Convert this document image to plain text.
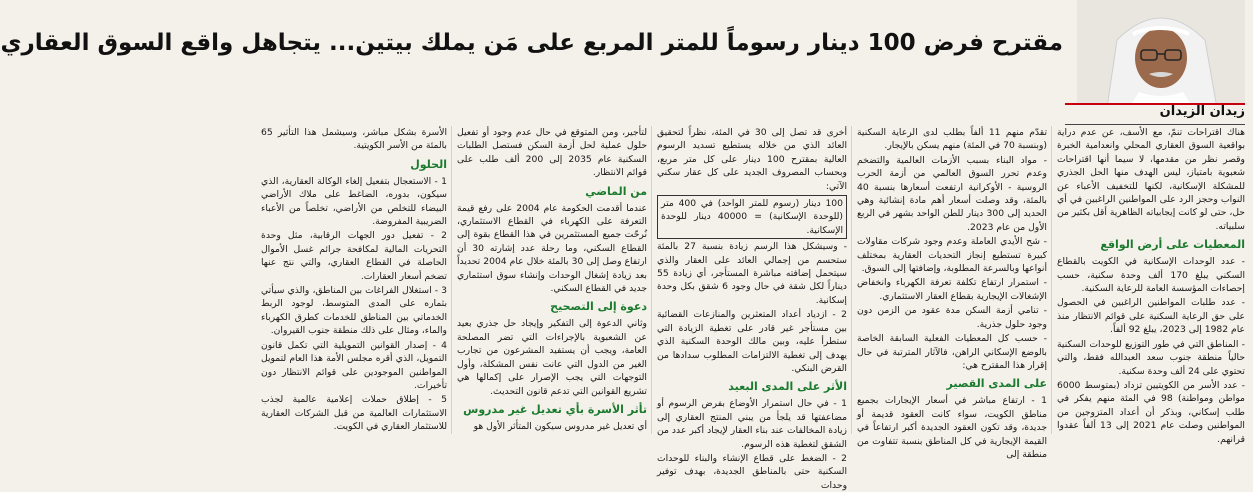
مقترح فرض 100 دينار رسوماً للمتر المربع على مَن يملك بيتين... يتجاهل واقع السوق العقاري
زيدان الزيدان

هناك اقتراحات تنمّ، مع الأسف، عن عدم دراية بواقعية السوق العقاري المحلي وانعدامية الخبرة وقصر نظر من مقدمها، لا سيما أنها اقتراحات شعبوية بامتياز، ليس الهدف منها الحل الجذري للمشكلة الإسكانية، لكنها للتخفيف الأعباء عن النواب وحجز الرد على المواطنين الراغبين في أي حل، حتى لو كانت إيجابياته الظاهرية أقل بكثير من سلبياته.

المعطيات على أرض الواقع

- عدد الوحدات الإسكانية في الكويت بالقطاع السكني يبلغ 170 ألف وحدة سكنية، حسب إحصاءات المؤسسة العامة للرعاية السكنية.

- عدد طلبات المواطنين الراغبين في الحصول على حق الرعاية السكنية على قوائم الانتظار منذ عام 1982 إلى 2023، يبلغ 92 ألفاً.

- المناطق التي في طور التوزيع للوحدات السكنية حالياً منطقة جنوب سعد العبدالله فقط، والتي تحتوي على 24 ألف وحدة سكنية.

- عدد الأسر من الكويتيين تزداد (بمتوسط 6000 مواطن ومواطنة) 98 في المئة منهم يفكر في طلب إسكاني، وبذكر أن أعداد المتزوجين من المواطنين وصلت عام 2021 إلى 13 ألفاً عقدوا قرانهم.

تقدّم منهم 11 ألفاً بطلب لدى الرعاية السكنية (وبنسبة 70 في المئة) منهم يسكن بالإيجار.

- مواد البناء بسبب الأزمات العالمية والتضخم وعدم تحرر السوق العالمي من أزمة الحرب الروسية - الأوكرانية ارتفعت أسعارها بنسبة 40 بالمئة، وقد وصلت أسعار أهم مادة إنشائية وهي الحديد إلى 300 دينار للطن الواحد بشهر في الربع الأول من عام 2023.

- شح الأيدي العاملة وعدم وجود شركات مقاولات كبيرة تستطيع إنجاز التحديات العقارية بمختلف أنواعها وبالسرعة المطلوبة، وإضافتها إلى السوق.

- استمرار ارتفاع تكلفة تعرفة الكهرباء وانخفاض الإشغالات الإيجارية بقطاع العقار الاستثماري.

- تنامي أزمة السكن مدة عقود من الزمن دون وجود حلول جذرية.

- حسب كل المعطيات الفعلية السابقة الخاصة بالوضع الإسكاني الراهن، فالآثار المترتبة في حال إقرار هذا المقترح هي:

على المدى القصير

1 - ارتفاع مباشر في أسعار الإيجارات بجميع مناطق الكويت، سواء كانت العقود قديمة أو جديدة، وقد تكون العقود الجديدة أكبر ارتفاعاً في القيمة الإيجارية في كل المناطق بنسبة تتفاوت من منطقة إلى

أخرى قد تصل إلى 30 في المئة، نظراً لتحقيق العائد الذي من خلاله يستطيع تسديد الرسوم العالية بمقترح 100 دينار على كل متر مربع، وبحساب المصروف الجديد على كل عقار سكني الآتي:

100 دينار (رسوم للمتر الواحد) في 400 متر (للوحدة الإسكانية) = 40000 دينار للوحدة الإسكانية.

- وسيشكل هذا الرسم زيادة بنسبة 27 بالمئة ستحسم من إجمالي العائد على العقار والذي سيتحمل إضافته مباشرة المستأجر، أي زيادة 55 ديناراً لكل شقة في حال وجود 6 شقق بكل وحدة إسكانية.

2 - ازدياد أعداد المتعثرين والمنازعات القضائية بين مستأجر غير قادر على تغطية الزيادة التي ستطرأ عليه، وبين مالك الوحدة السكنية الذي يهدف إلى تغطية الالتزامات المطلوب سدادها من القرض البنكي.

الأثر على المدى البعيد

1 - في حال استمرار الأوضاع بفرض الرسوم أو مضاعفتها قد يلجأ من يبني المنتج العقاري إلى زيادة المخالفات عند بناء العقار لإيجاد أكبر عدد من الشقق لتغطية هذه الرسوم.

2 - الضغط على قطاع الإنشاء والبناء للوحدات السكنية حتى بالمناطق الجديدة، بهدف توفير وحدات

لتأجير، ومن المتوقع في حال عدم وجود أو تفعيل حلول عملية لحل أزمة السكن فستصل الطلبات السكنية عام 2035 إلى 200 ألف طلب على قوائم الانتظار.

من الماضي

عندما أقدمت الحكومة عام 2004 على رفع قيمة التعرفة على الكهرباء في القطاع الاستثماري، نُرحّت جميع المستثمرين في هذا القطاع بقوة إلى القطاع السكني، وما رحلة عدد إشارته 30 أن ارتفاع وصل إلى 30 بالمئة خلال عام 2004 تحديداً بعد زيادة إشغال الوحدات وإنشاء سوق استثماري جديد في القطاع السكني.

دعوة إلى التصحيح

وثاني الدعوة إلى التفكير وإيجاد حل جذري بعيد عن الشعبوية بالإجراءات التي تضر المصلحة العامة، ويجب أن يستفيد المشرعون من تجارب الغير من الدول التي عانت نفس المشكلة، وأول التوجهات التي يجب الإصرار على إكمالها هي تشريع القوانين التي تدعم قانون التحديث.

تأثر الأسرة بأي تعديل غير مدروس

أي تعديل غير مدروس سيكون المتأثر الأول هو

الأسرة بشكل مباشر، وسيشمل هذا التأثير 65 بالمئة من الأسر الكويتية.

الحلول

1 - الاستعجال بتفعيل إلغاء الوكالة العقارية، الذي سيكون، بدوره، الضاغط على ملاك الأراضي البيضاء للتخلص من الأراضي، تخلصاً من الأعباء الضريبية المفروضة.

2 - تفعيل دور الجهات الرقابية، مثل وحدة التحريات المالية لمكافحة جرائم غسل الأموال الحاصلة في القطاع العقاري، والتي نتج عنها تضخم أسعار العقارات.

3 - استغلال الفراغات بين المناطق، والذي سيأتي بثماره على المدى المتوسط، لوجود الربط الخدماتي بين المناطق للخدمات كطرق الكهرباء والماء، ومثال على ذلك منطقة جنوب القيروان.

4 - إصدار القوانين التمويلية التي تكمل قانون التمويل، الذي أقره مجلس الأمة هذا العام لتمويل المواطنين الموجودين على قوائم الانتظار دون تأخيرات.

5 - إطلاق حملات إعلامية عالمية لجذب الاستثمارات العالمية من قبل الشركات العقارية للاستثمار العقاري في الكويت.
